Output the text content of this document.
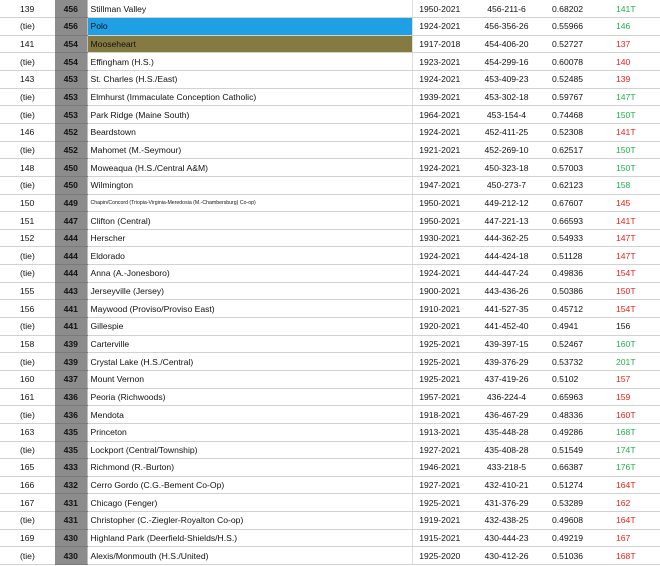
139	456	Stillman Valley	1950-2021	456-211-6	0.68202	141T
(tie)	456	Polo	1924-2021	456-356-26	0.55966	146
141	454	Mooseheart	1917-2018	454-406-20	0.52727	137
(tie)	454	Effingham (H.S.)	1923-2021	454-299-16	0.60078	140
143	453	St. Charles (H.S./East)	1924-2021	453-409-23	0.52485	139
(tie)	453	Elmhurst (Immaculate Conception Catholic)	1939-2021	453-302-18	0.59767	147T
(tie)	453	Park Ridge (Maine South)	1964-2021	453-154-4	0.74468	150T
146	452	Beardstown	1924-2021	452-411-25	0.52308	141T
(tie)	452	Mahomet (M.-Seymour)	1921-2021	452-269-10	0.62517	150T
148	450	Moweaqua (H.S./Central A&M)	1924-2021	450-323-18	0.57003	150T
(tie)	450	Wilmington	1947-2021	450-273-7	0.62123	158
150	449	Chapin/Concord (Triopia-Virginia-Meredosia (M.-Chambersburg) Co-op)	1950-2021	449-212-12	0.67607	145
151	447	Clifton (Central)	1950-2021	447-221-13	0.66593	141T
152	444	Herscher	1930-2021	444-362-25	0.54933	147T
(tie)	444	Eldorado	1924-2021	444-424-18	0.51128	147T
(tie)	444	Anna (A.-Jonesboro)	1924-2021	444-447-24	0.49836	154T
155	443	Jerseyville (Jersey)	1900-2021	443-436-26	0.50386	150T
156	441	Maywood (Proviso/Proviso East)	1910-2021	441-527-35	0.45712	154T
(tie)	441	Gillespie	1920-2021	441-452-40	0.4941	156
158	439	Carterville	1925-2021	439-397-15	0.52467	160T
(tie)	439	Crystal Lake (H.S./Central)	1925-2021	439-376-29	0.53732	201T
160	437	Mount Vernon	1925-2021	437-419-26	0.5102	157
161	436	Peoria (Richwoods)	1957-2021	436-224-4	0.65963	159
(tie)	436	Mendota	1918-2021	436-467-29	0.48336	160T
163	435	Princeton	1913-2021	435-448-28	0.49286	168T
(tie)	435	Lockport (Central/Township)	1927-2021	435-408-28	0.51549	174T
165	433	Richmond (R.-Burton)	1946-2021	433-218-5	0.66387	176T
166	432	Cerro Gordo (C.G.-Bement Co-Op)	1927-2021	432-410-21	0.51274	164T
167	431	Chicago (Fenger)	1925-2021	431-376-29	0.53289	162
(tie)	431	Christopher (C.-Ziegler-Royalton Co-op)	1919-2021	432-438-25	0.49608	164T
169	430	Highland Park (Deerfield-Shields/H.S.)	1915-2021	430-444-23	0.49219	167
(tie)	430	Alexis/Monmouth (H.S./United)	1925-2020	430-412-26	0.51036	168T
